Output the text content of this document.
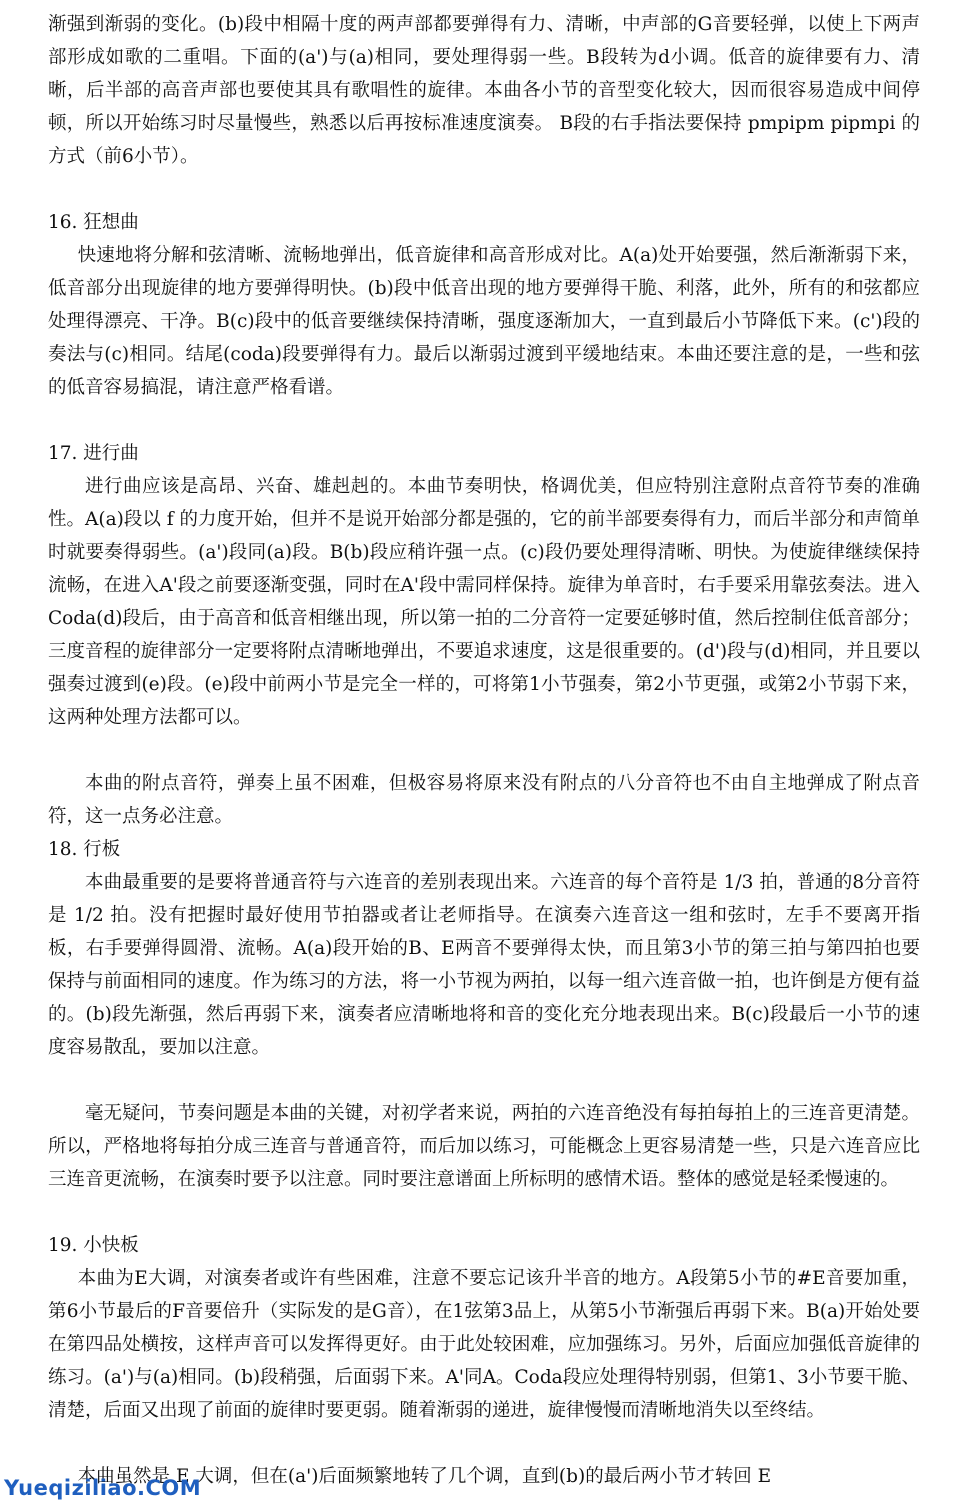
渐强到渐弱的变化。(b)段中相隔十度的两声部都要弹得有力、清晰，中声部的G音要轻弹，以使上下两声部形成如歌的二重唱。下面的(a')与(a)相同，要处理得弱一些。B段转为d小调。低音的旋律要有力、清晰，后半部的高音声部也要使其具有歌唱性的旋律。本曲各小节的音型变化较大，因而很容易造成中间停顿，所以开始练习时尽量慢些，熟悉以后再按标准速度演奏。 B段的右手指法要保持 pmpipm pipmpi 的方式（前6小节）。

16. 狂想曲

快速地将分解和弦清晰、流畅地弹出，低音旋律和高音形成对比。A(a)处开始要强，然后渐渐弱下来，低音部分出现旋律的地方要弹得明快。(b)段中低音出现的地方要弹得干脆、利落，此外，所有的和弦都应处理得漂亮、干净。B(c)段中的低音要继续保持清晰，强度逐渐加大，一直到最后小节降低下来。(c')段的奏法与(c)相同。结尾(coda)段要弹得有力。最后以渐弱过渡到平缓地结束。本曲还要注意的是，一些和弦的低音容易搞混，请注意严格看谱。

17. 进行曲

进行曲应该是高昂、兴奋、雄赳赳的。本曲节奏明快，格调优美，但应特别注意附点音符节奏的准确性。A(a)段以 f 的力度开始，但并不是说开始部分都是强的，它的前半部要奏得有力，而后半部分和声简单时就要奏得弱些。(a')段同(a)段。B(b)段应稍许强一点。(c)段仍要处理得清晰、明快。为使旋律继续保持流畅，在进入A'段之前要逐渐变强，同时在A'段中需同样保持。旋律为单音时，右手要采用靠弦奏法。进入 Coda(d)段后，由于高音和低音相继出现，所以第一拍的二分音符一定要延够时值，然后控制住低音部分；三度音程的旋律部分一定要将附点清晰地弹出，不要追求速度，这是很重要的。(d')段与(d)相同，并且要以强奏过渡到(e)段。(e)段中前两小节是完全一样的，可将第1小节强奏，第2小节更强，或第2小节弱下来，这两种处理方法都可以。

本曲的附点音符，弹奏上虽不困难，但极容易将原来没有附点的八分音符也不由自主地弹成了附点音符，这一点务必注意。

18. 行板

本曲最重要的是要将普通音符与六连音的差别表现出来。六连音的每个音符是 1/3 拍，普通的8分音符是 1/2 拍。没有把握时最好使用节拍器或者让老师指导。在演奏六连音这一组和弦时，左手不要离开指板，右手要弹得圆滑、流畅。A(a)段开始的B、E两音不要弹得太快，而且第3小节的第三拍与第四拍也要保持与前面相同的速度。作为练习的方法，将一小节视为两拍，以每一组六连音做一拍，也许倒是方便有益的。(b)段先渐强，然后再弱下来，演奏者应清晰地将和音的变化充分地表现出来。B(c)段最后一小节的速度容易散乱，要加以注意。

毫无疑问，节奏问题是本曲的关键，对初学者来说，两拍的六连音绝没有每拍每拍上的三连音更清楚。所以，严格地将每拍分成三连音与普通音符，而后加以练习，可能概念上更容易清楚一些，只是六连音应比三连音更流畅，在演奏时要予以注意。同时要注意谱面上所标明的感情术语。整体的感觉是轻柔慢速的。

19. 小快板

本曲为E大调，对演奏者或许有些困难，注意不要忘记该升半音的地方。A段第5小节的#E音要加重，第6小节最后的F音要倍升（实际发的是G音），在1弦第3品上，从第5小节渐强后再弱下来。B(a)开始处要在第四品处横按，这样声音可以发挥得更好。由于此处较困难，应加强练习。另外，后面应加强低音旋律的练习。(a')与(a)相同。(b)段稍强，后面弱下来。A'同A。Coda段应处理得特别弱，但第1、3小节要干脆、清楚，后面又出现了前面的旋律时要更弱。随着渐弱的递进，旋律慢慢而清晰地消失以至终结。

本曲虽然是 E 大调，但在(a')后面频繁地转了几个调，直到(b)的最后两小节才转回 E

Yueqiziliao.COM
